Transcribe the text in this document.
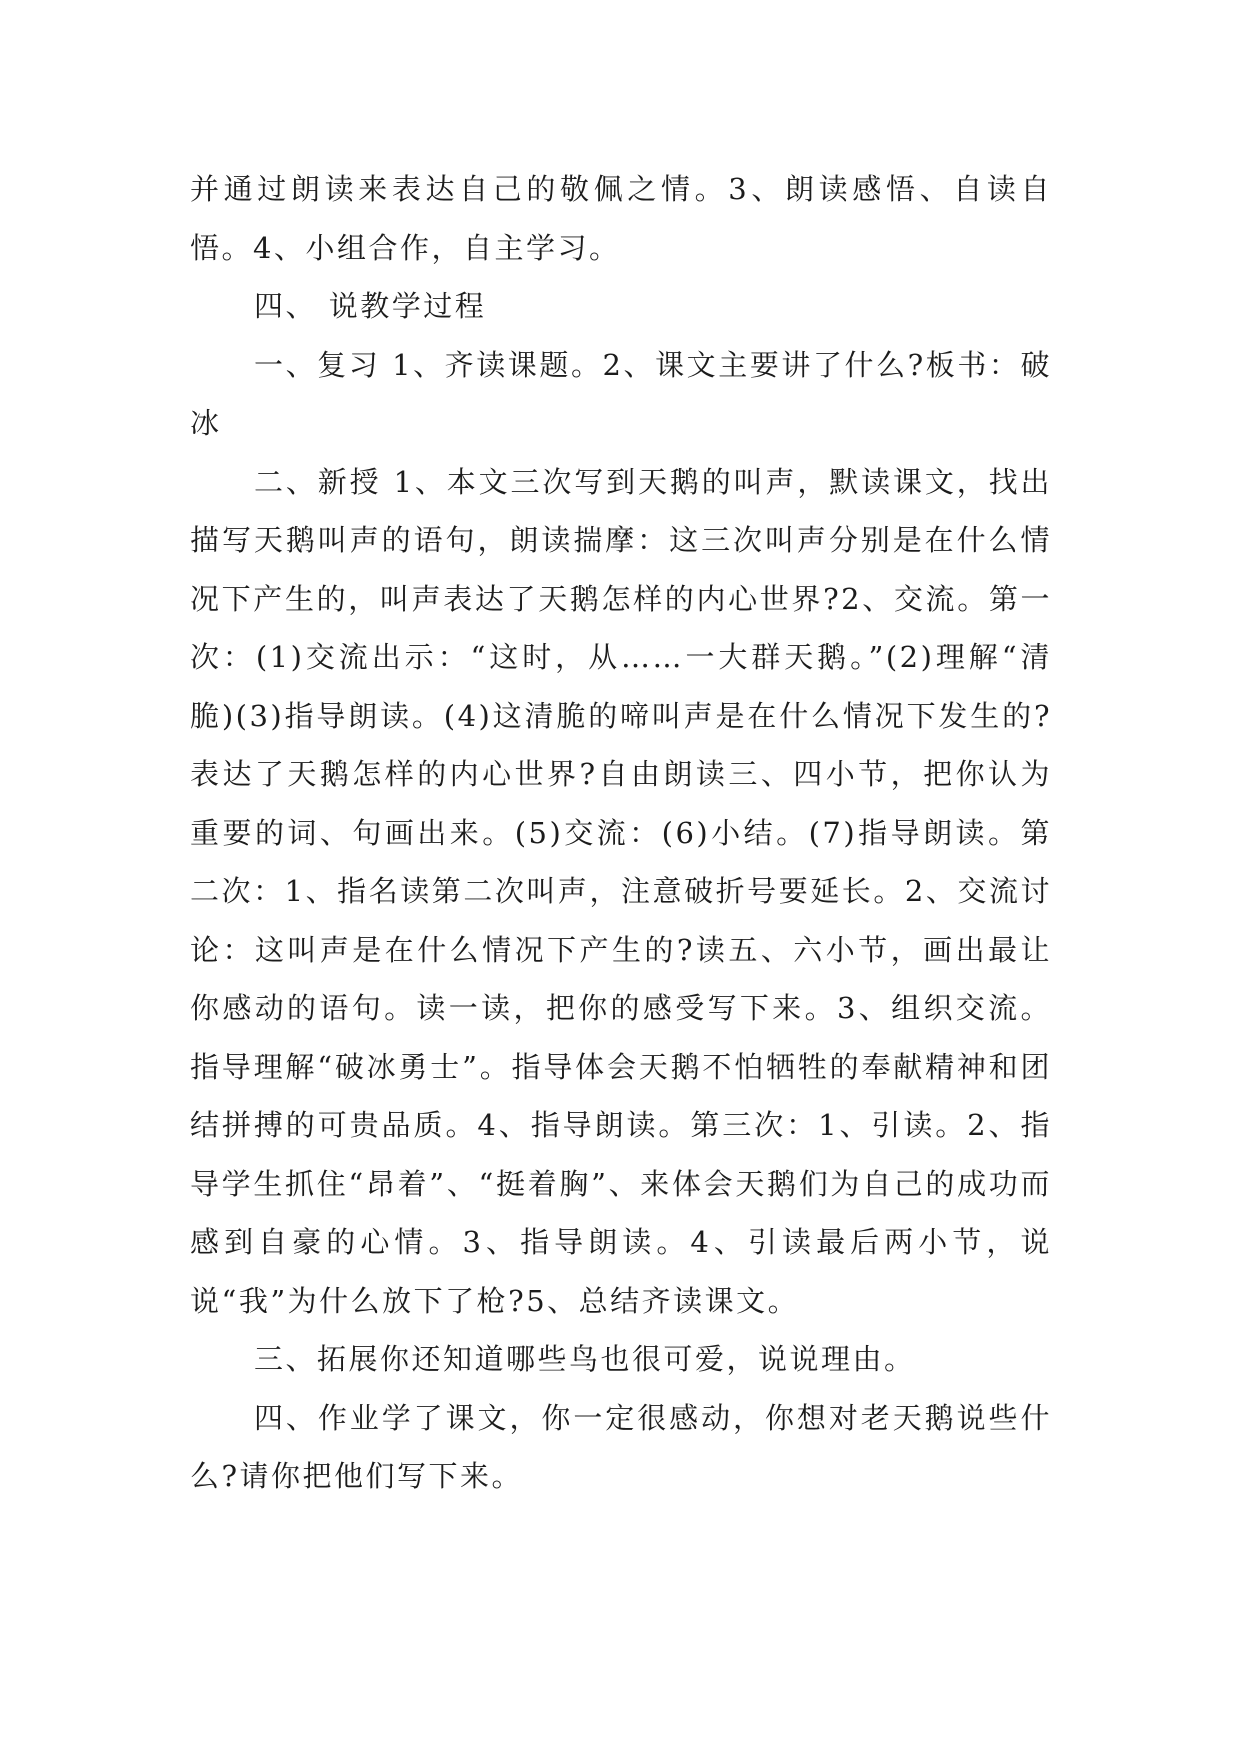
并通过朗读来表达自己的敬佩之情。3、朗读感悟、自读自悟。4、小组合作，自主学习。

四、 说教学过程

一、复习 1、齐读课题。2、课文主要讲了什么?板书：破冰

二、新授 1、本文三次写到天鹅的叫声，默读课文，找出描写天鹅叫声的语句，朗读揣摩：这三次叫声分别是在什么情况下产生的，叫声表达了天鹅怎样的内心世界?2、交流。第一次：(1)交流出示：“这时，从……一大群天鹅。”(2)理解“清脆)(3)指导朗读。(4)这清脆的啼叫声是在什么情况下发生的?表达了天鹅怎样的内心世界?自由朗读三、四小节，把你认为重要的词、句画出来。(5)交流：(6)小结。(7)指导朗读。第二次：1、指名读第二次叫声，注意破折号要延长。2、交流讨论：这叫声是在什么情况下产生的?读五、六小节，画出最让你感动的语句。读一读，把你的感受写下来。3、组织交流。指导理解“破冰勇士”。指导体会天鹅不怕牺牲的奉献精神和团结拼搏的可贵品质。4、指导朗读。第三次：1、引读。2、指导学生抓住“昂着”、“挺着胸”、来体会天鹅们为自己的成功而感到自豪的心情。3、指导朗读。4、引读最后两小节，说说“我”为什么放下了枪?5、总结齐读课文。

三、拓展你还知道哪些鸟也很可爱，说说理由。

四、作业学了课文，你一定很感动，你想对老天鹅说些什么?请你把他们写下来。
